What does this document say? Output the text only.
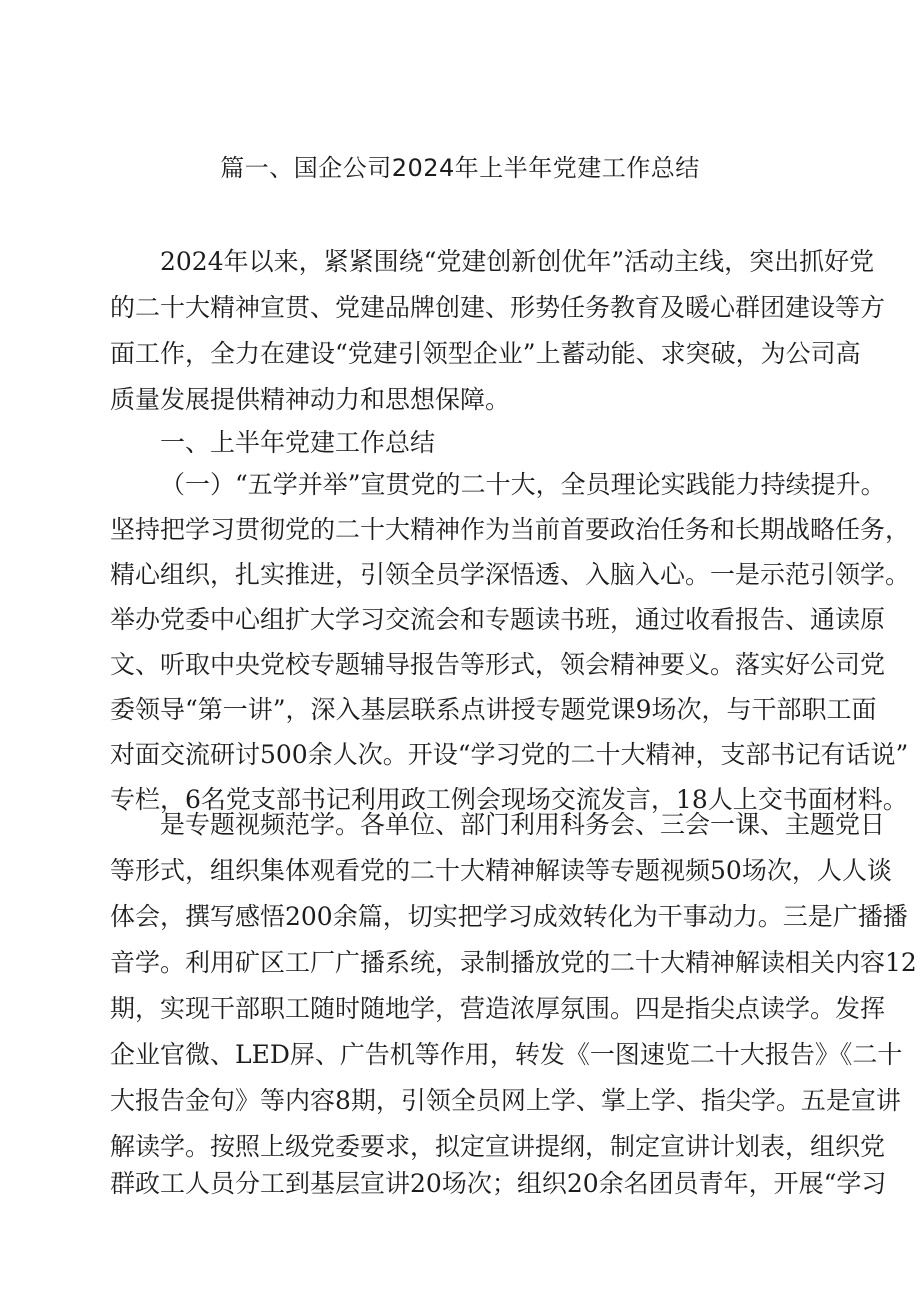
篇一、国企公司2024年上半年党建工作总结
2024年以来，紧紧围绕“党建创新创优年”活动主线，突出抓好党
的二十大精神宣贯、党建品牌创建、形势任务教育及暖心群团建设等方
面工作，全力在建设“党建引领型企业”上蓄动能、求突破，为公司高
质量发展提供精神动力和思想保障。
一、上半年党建工作总结
（一）“五学并举”宣贯党的二十大，全员理论实践能力持续提升。
坚持把学习贯彻党的二十大精神作为当前首要政治任务和长期战略任务，
精心组织，扎实推进，引领全员学深悟透、入脑入心。一是示范引领学。
举办党委中心组扩大学习交流会和专题读书班，通过收看报告、通读原
文、听取中央党校专题辅导报告等形式，领会精神要义。落实好公司党
委领导“第一讲”，深入基层联系点讲授专题党课9场次，与干部职工面
对面交流研讨500余人次。开设“学习党的二十大精神，支部书记有话说”
专栏，6名党支部书记利用政工例会现场交流发言，18人上交书面材料。
是专题视频范学。各单位、部门利用科务会、三会一课、主题党日
等形式，组织集体观看党的二十大精神解读等专题视频50场次，人人谈
体会，撰写感悟200余篇，切实把学习成效转化为干事动力。三是广播播
音学。利用矿区工厂广播系统，录制播放党的二十大精神解读相关内容12
期，实现干部职工随时随地学，营造浓厚氛围。四是指尖点读学。发挥
企业官微、LED屏、广告机等作用，转发《一图速览二十大报告》《二十
大报告金句》等内容8期，引领全员网上学、掌上学、指尖学。五是宣讲
解读学。按照上级党委要求，拟定宣讲提纲，制定宣讲计划表，组织党
群政工人员分工到基层宣讲20场次；组织20余名团员青年，开展“学习
